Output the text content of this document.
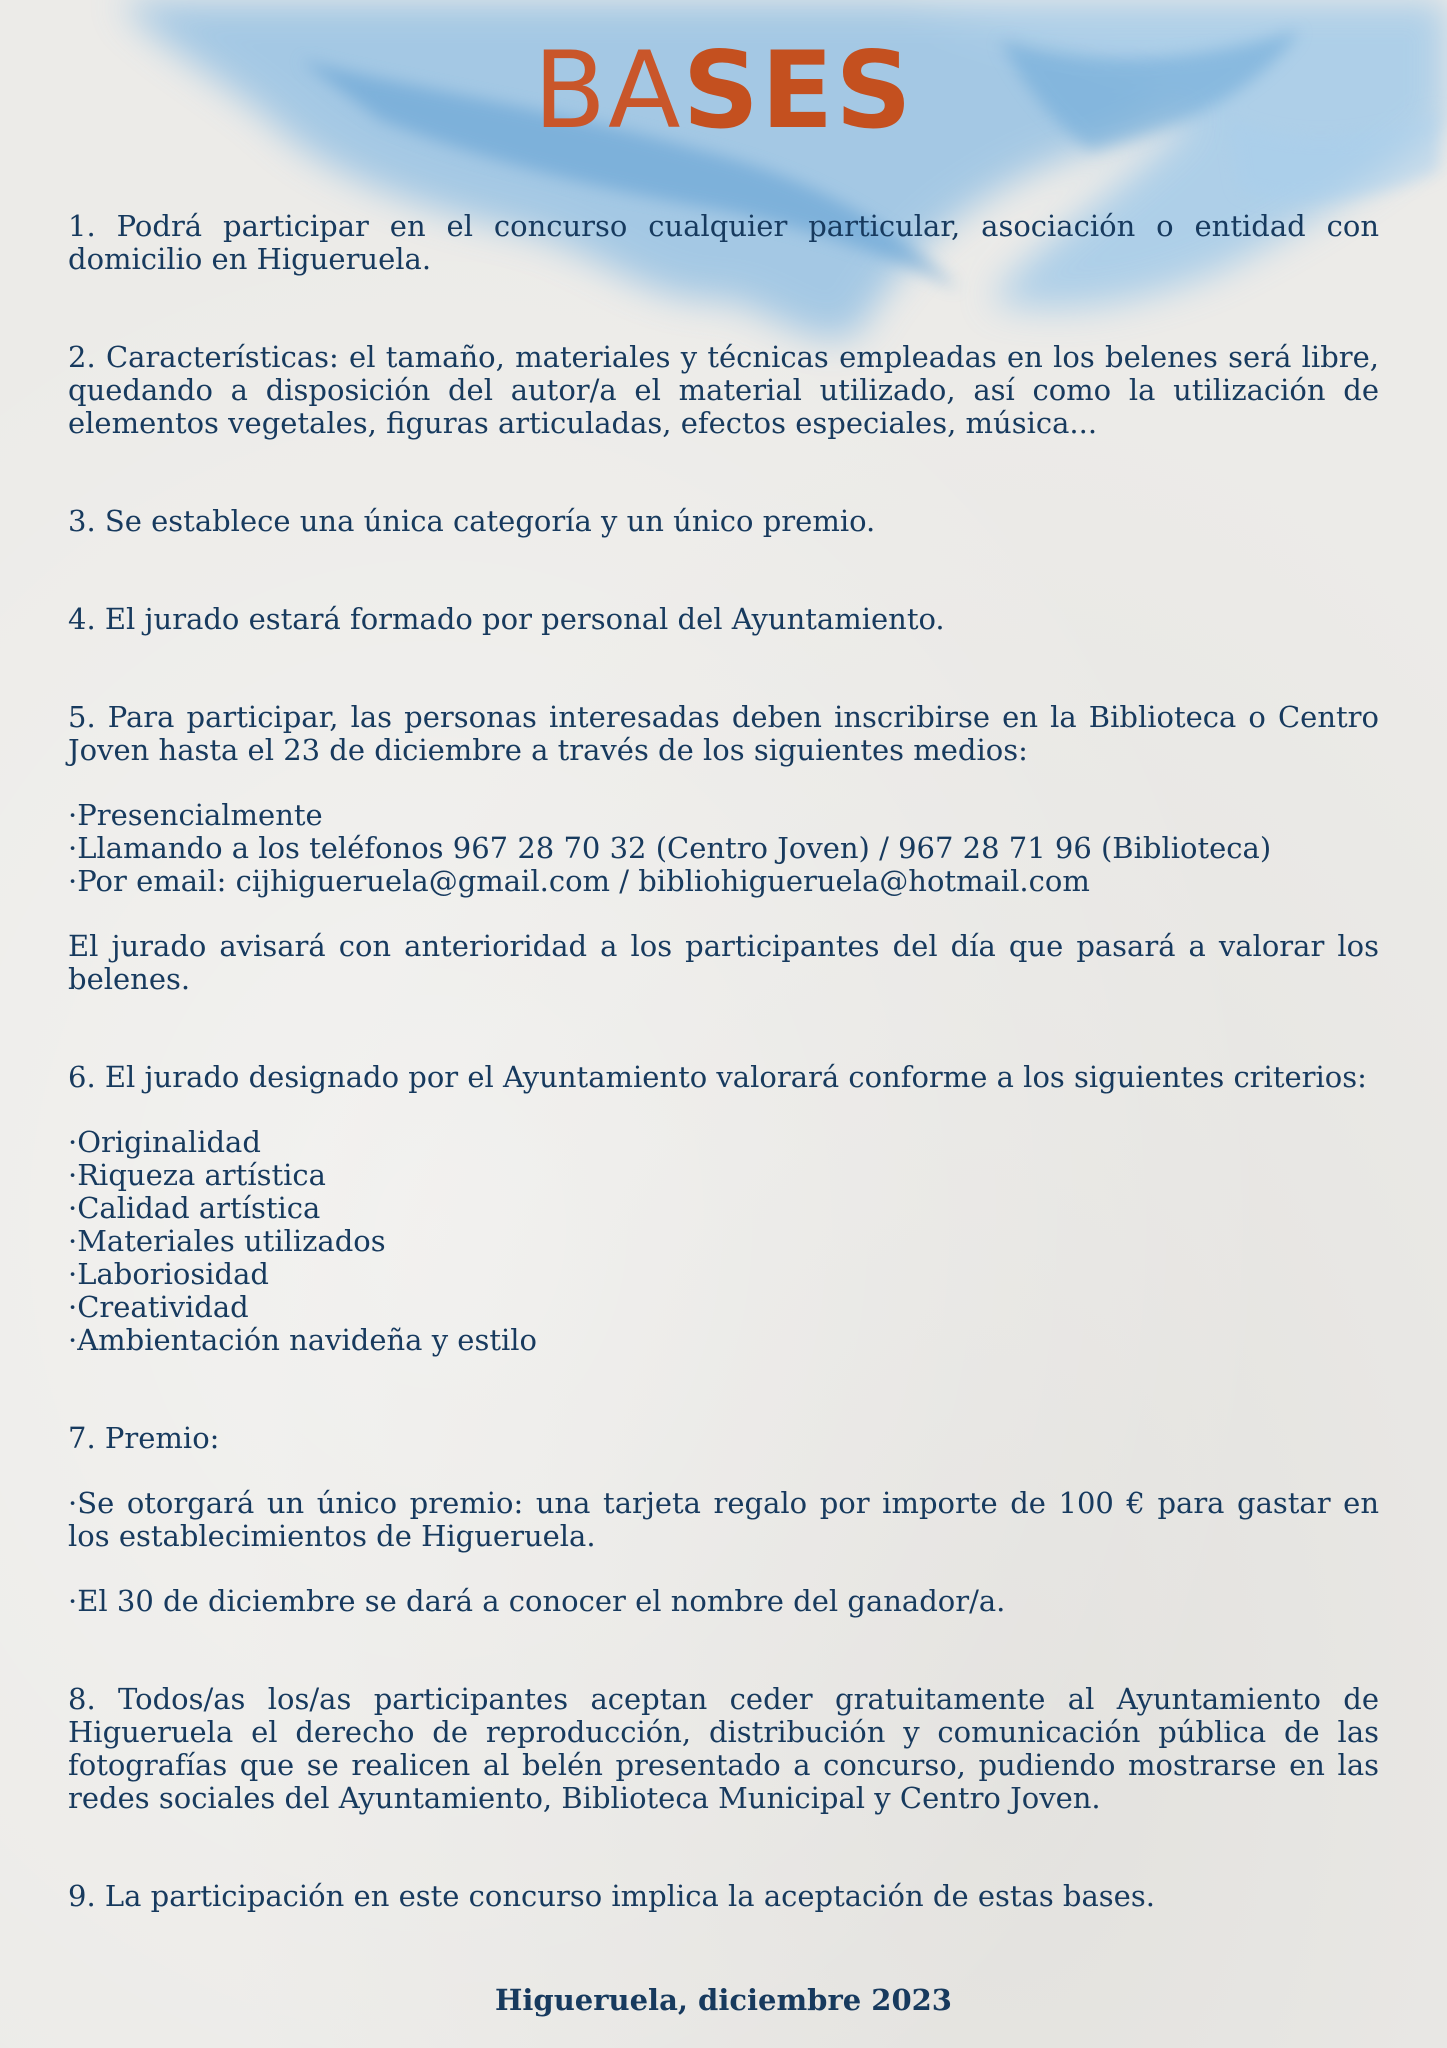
BASES

1. Podrá participar en el concurso cualquier particular, asociación o entidad con domicilio en Higueruela.

2. Características: el tamaño, materiales y técnicas empleadas en los belenes será libre, quedando a disposición del autor/a el material utilizado, así como la utilización de elementos vegetales, figuras articuladas, efectos especiales, música...

3. Se establece una única categoría y un único premio.

4. El jurado estará formado por personal del Ayuntamiento.

5. Para participar, las personas interesadas deben inscribirse en la Biblioteca o Centro Joven hasta el 23 de diciembre a través de los siguientes medios:

·Presencialmente
·Llamando a los teléfonos 967 28 70 32 (Centro Joven) / 967 28 71 96 (Biblioteca)
·Por email: cijhigueruela@gmail.com / bibliohigueruela@hotmail.com

El jurado avisará con anterioridad a los participantes del día que pasará a valorar los belenes.

6. El jurado designado por el Ayuntamiento valorará conforme a los siguientes criterios:

·Originalidad
·Riqueza artística
·Calidad artística
·Materiales utilizados
·Laboriosidad
·Creatividad
·Ambientación navideña y estilo

7. Premio:

·Se otorgará un único premio: una tarjeta regalo por importe de 100 € para gastar en los establecimientos de Higueruela.

·El 30 de diciembre se dará a conocer el nombre del ganador/a.

8. Todos/as los/as participantes aceptan ceder gratuitamente al Ayuntamiento de Higueruela el derecho de reproducción, distribución y comunicación pública de las fotografías que se realicen al belén presentado a concurso, pudiendo mostrarse en las redes sociales del Ayuntamiento, Biblioteca Municipal y Centro Joven.

9. La participación en este concurso implica la aceptación de estas bases.

Higueruela, diciembre 2023
